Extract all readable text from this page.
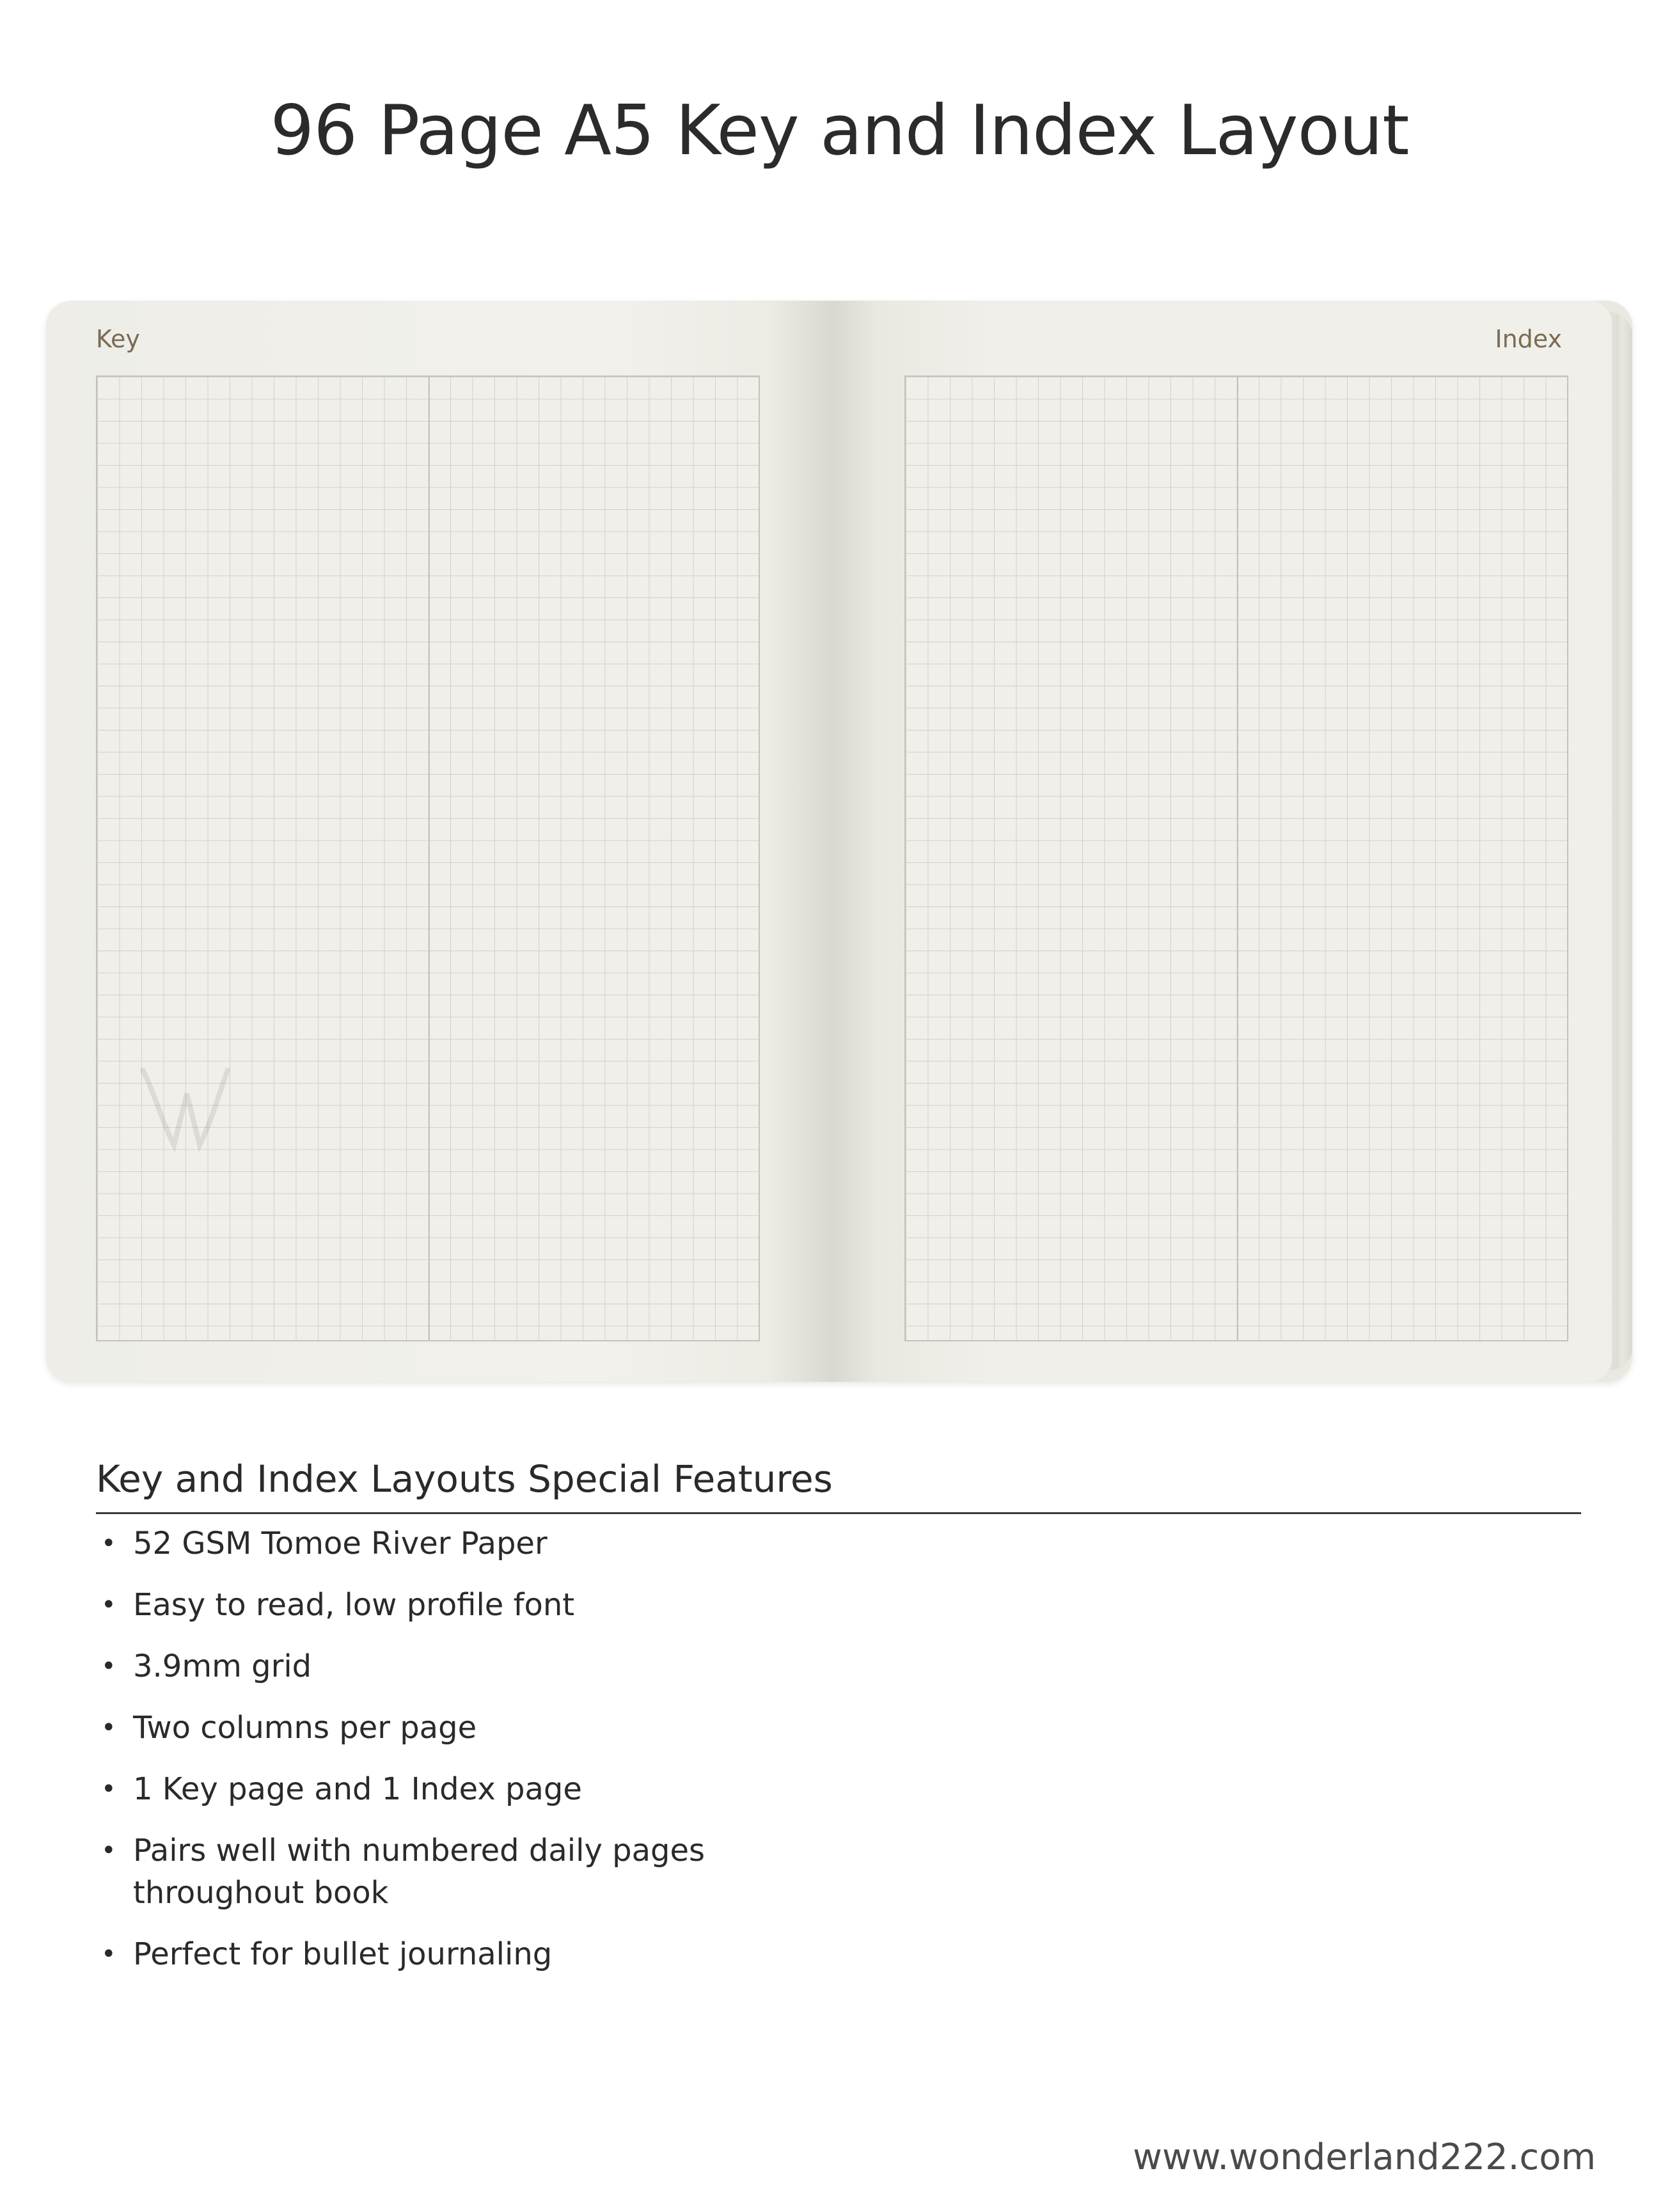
96 Page A5 Key and Index Layout

Key	Index

Key and Index Layouts Special Features
• 52 GSM Tomoe River Paper
• Easy to read, low profile font
• 3.9mm grid
• Two columns per page
• 1 Key page and 1 Index page
• Pairs well with numbered daily pages throughout book
• Perfect for bullet journaling

www.wonderland222.com
